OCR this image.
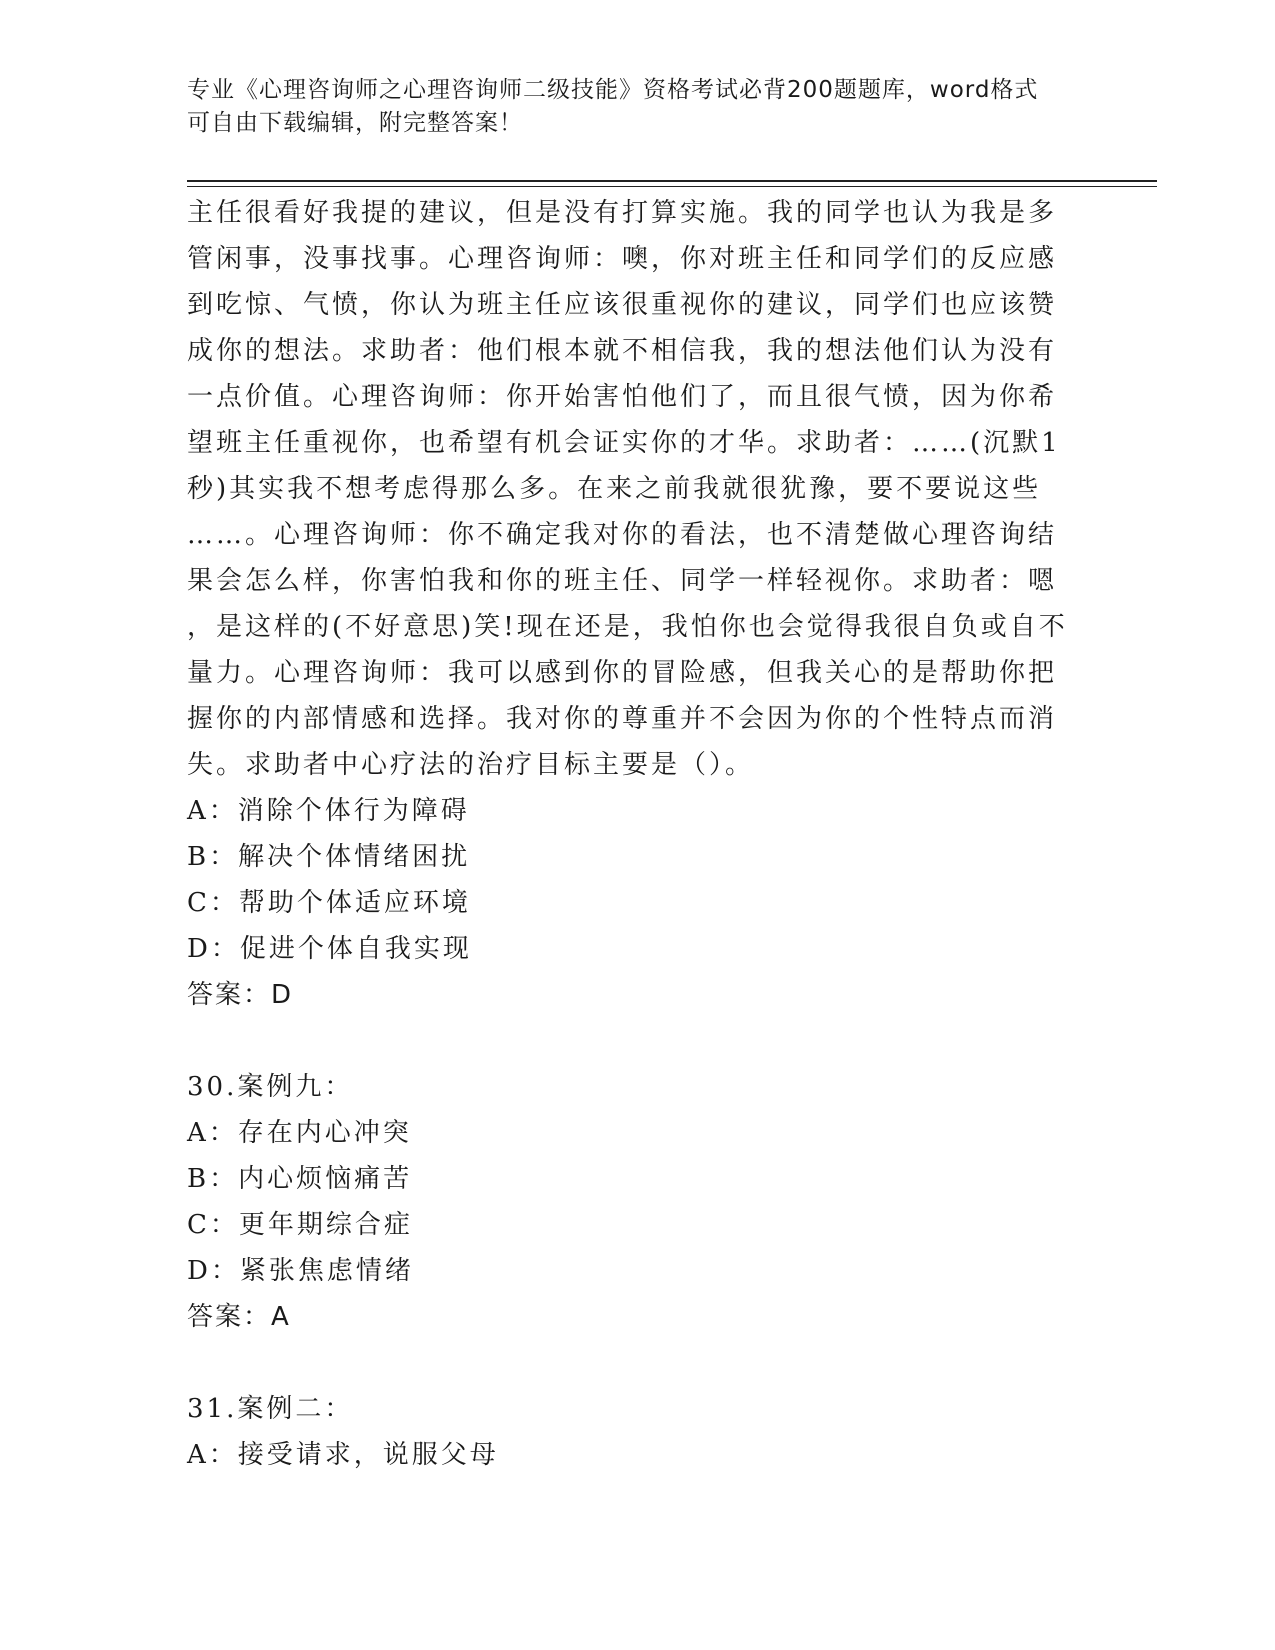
专业《心理咨询师之心理咨询师二级技能》资格考试必背200题题库，word格式
可自由下载编辑，附完整答案！
主任很看好我提的建议，但是没有打算实施。我的同学也认为我是多
管闲事，没事找事。心理咨询师：噢，你对班主任和同学们的反应感
到吃惊、气愤，你认为班主任应该很重视你的建议，同学们也应该赞
成你的想法。求助者：他们根本就不相信我，我的想法他们认为没有
一点价值。心理咨询师：你开始害怕他们了，而且很气愤，因为你希
望班主任重视你，也希望有机会证实你的才华。求助者：……(沉默1
秒)其实我不想考虑得那么多。在来之前我就很犹豫，要不要说这些
……。心理咨询师：你不确定我对你的看法，也不清楚做心理咨询结
果会怎么样，你害怕我和你的班主任、同学一样轻视你。求助者：嗯
，是这样的(不好意思)笑!现在还是，我怕你也会觉得我很自负或自不
量力。心理咨询师：我可以感到你的冒险感，但我关心的是帮助你把
握你的内部情感和选择。我对你的尊重并不会因为你的个性特点而消
失。求助者中心疗法的治疗目标主要是（）。
A：消除个体行为障碍
B：解决个体情绪困扰
C：帮助个体适应环境
D：促进个体自我实现
答案：D
30.案例九：
A：存在内心冲突
B：内心烦恼痛苦
C：更年期综合症
D：紧张焦虑情绪
答案：A
31.案例二：
A：接受请求，说服父母
